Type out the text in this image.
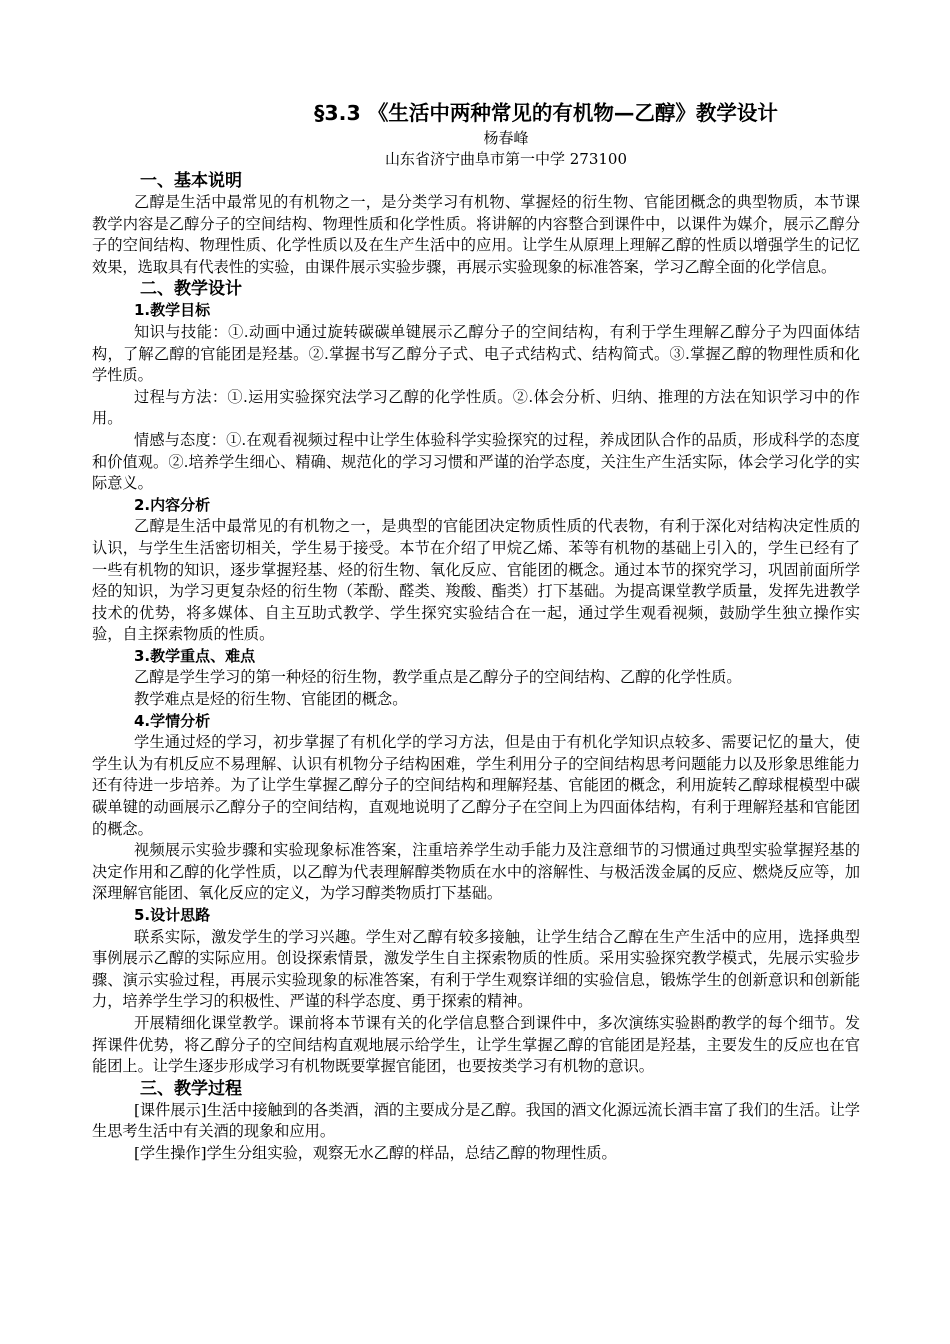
§3.3 《生活中两种常见的有机物—乙醇》教学设计
杨春峰
山东省济宁曲阜市第一中学 273100
一、基本说明

乙醇是生活中最常见的有机物之一，是分类学习有机物、掌握烃的衍生物、官能团概念的典型物质，本节课教学内容是乙醇分子的空间结构、物理性质和化学性质。将讲解的内容整合到课件中，以课件为媒介，展示乙醇分子的空间结构、物理性质、化学性质以及在生产生活中的应用。让学生从原理上理解乙醇的性质以增强学生的记忆效果，选取具有代表性的实验，由课件展示实验步骤，再展示实验现象的标准答案，学习乙醇全面的化学信息。

二、教学设计
1.教学目标

知识与技能：①.动画中通过旋转碳碳单键展示乙醇分子的空间结构，有利于学生理解乙醇分子为四面体结构，了解乙醇的官能团是羟基。②.掌握书写乙醇分子式、电子式结构式、结构简式。③.掌握乙醇的物理性质和化学性质。

过程与方法：①.运用实验探究法学习乙醇的化学性质。②.体会分析、归纳、推理的方法在知识学习中的作用。

情感与态度：①.在观看视频过程中让学生体验科学实验探究的过程，养成团队合作的品质，形成科学的态度和价值观。②.培养学生细心、精确、规范化的学习习惯和严谨的治学态度，关注生产生活实际，体会学习化学的实际意义。

2.内容分析

乙醇是生活中最常见的有机物之一，是典型的官能团决定物质性质的代表物，有利于深化对结构决定性质的认识，与学生生活密切相关，学生易于接受。本节在介绍了甲烷乙烯、苯等有机物的基础上引入的，学生已经有了一些有机物的知识，逐步掌握羟基、烃的衍生物、氧化反应、官能团的概念。通过本节的探究学习，巩固前面所学烃的知识，为学习更复杂烃的衍生物（苯酚、醛类、羧酸、酯类）打下基础。为提高课堂教学质量，发挥先进教学技术的优势，将多媒体、自主互助式教学、学生探究实验结合在一起，通过学生观看视频，鼓励学生独立操作实验，自主探索物质的性质。

3.教学重点、难点

乙醇是学生学习的第一种烃的衍生物，教学重点是乙醇分子的空间结构、乙醇的化学性质。

教学难点是烃的衍生物、官能团的概念。

4.学情分析

学生通过烃的学习，初步掌握了有机化学的学习方法，但是由于有机化学知识点较多、需要记忆的量大，使学生认为有机反应不易理解、认识有机物分子结构困难，学生利用分子的空间结构思考问题能力以及形象思维能力还有待进一步培养。为了让学生掌握乙醇分子的空间结构和理解羟基、官能团的概念，利用旋转乙醇球棍模型中碳碳单键的动画展示乙醇分子的空间结构，直观地说明了乙醇分子在空间上为四面体结构，有利于理解羟基和官能团的概念。

视频展示实验步骤和实验现象标准答案，注重培养学生动手能力及注意细节的习惯通过典型实验掌握羟基的决定作用和乙醇的化学性质，以乙醇为代表理解醇类物质在水中的溶解性、与极活泼金属的反应、燃烧反应等，加深理解官能团、氧化反应的定义，为学习醇类物质打下基础。

5.设计思路

联系实际，激发学生的学习兴趣。学生对乙醇有较多接触，让学生结合乙醇在生产生活中的应用，选择典型事例展示乙醇的实际应用。创设探索情景，激发学生自主探索物质的性质。采用实验探究教学模式，先展示实验步骤、演示实验过程，再展示实验现象的标准答案，有利于学生观察详细的实验信息，锻炼学生的创新意识和创新能力，培养学生学习的积极性、严谨的科学态度、勇于探索的精神。

开展精细化课堂教学。课前将本节课有关的化学信息整合到课件中，多次演练实验斟酌教学的每个细节。发挥课件优势，将乙醇分子的空间结构直观地展示给学生，让学生掌握乙醇的官能团是羟基，主要发生的反应也在官能团上。让学生逐步形成学习有机物既要掌握官能团，也要按类学习有机物的意识。

三、教学过程

[课件展示]生活中接触到的各类酒，酒的主要成分是乙醇。我国的酒文化源远流长酒丰富了我们的生活。让学生思考生活中有关酒的现象和应用。

[学生操作]学生分组实验，观察无水乙醇的样品，总结乙醇的物理性质。
